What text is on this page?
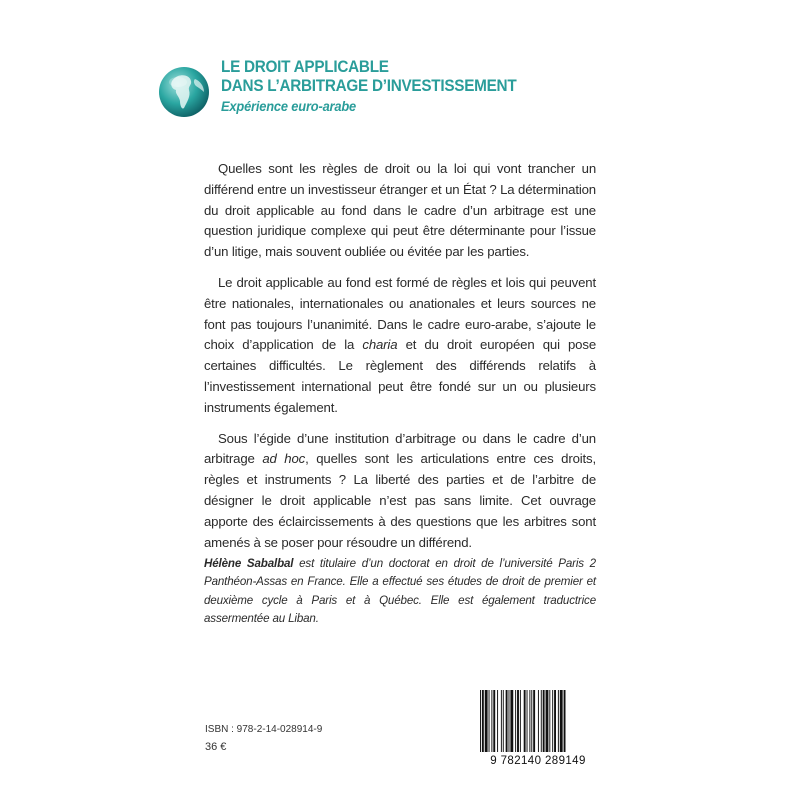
LE DROIT APPLICABLE
DANS L’ARBITRAGE D’INVESTISSEMENT
Expérience euro-arabe

Quelles sont les règles de droit ou la loi qui vont trancher un différend entre un investisseur étranger et un État ? La détermination du droit applicable au fond dans le cadre d’un arbitrage est une question juridique complexe qui peut être déterminante pour l’issue d’un litige, mais souvent oubliée ou évitée par les parties.

Le droit applicable au fond est formé de règles et lois qui peuvent être nationales, internationales ou anationales et leurs sources ne font pas toujours l’unanimité. Dans le cadre euro-arabe, s’ajoute le choix d’application de la charia et du droit européen qui pose certaines difficultés. Le règlement des différends relatifs à l’investissement international peut être fondé sur un ou plusieurs instruments également.

Sous l’égide d’une institution d’arbitrage ou dans le cadre d’un arbitrage ad hoc, quelles sont les articulations entre ces droits, règles et instruments ? La liberté des parties et de l’arbitre de désigner le droit applicable n’est pas sans limite. Cet ouvrage apporte des éclaircissements à des questions que les arbitres sont amenés à se poser pour résoudre un différend.

Hélène Sabalbal est titulaire d’un doctorat en droit de l’université Paris 2 Panthéon-Assas en France. Elle a effectué ses études de droit de premier et deuxième cycle à Paris et à Québec. Elle est également traductrice assermentée au Liban.
ISBN : 978-2-14-028914-9
36 €
9 782140 289149
